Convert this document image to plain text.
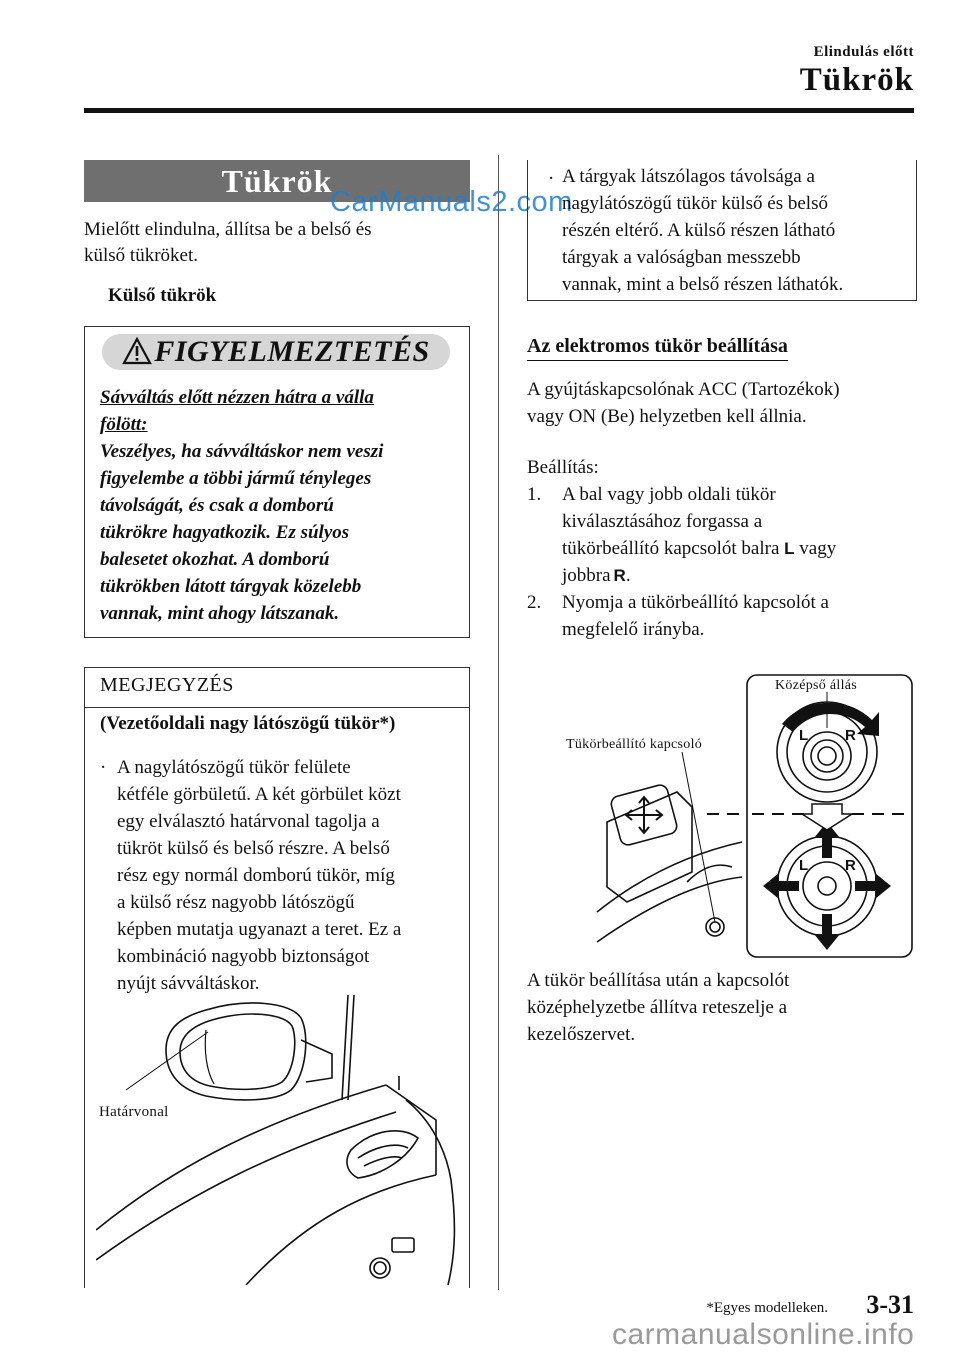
Elindulás előtt
Tükrök
Tükrök
CarManuals2.com
Mielőtt elindulna, állítsa be a belső és
külső tükröket.
Külső tükrök
FIGYELMEZTETÉS
Sávváltás előtt nézzen hátra a válla
fölött:
Veszélyes, ha sávváltáskor nem veszi
figyelembe a többi jármű tényleges
távolságát, és csak a domború
tükrökre hagyatkozik. Ez súlyos
balesetet okozhat. A domború
tükrökben látott tárgyak közelebb
vannak, mint ahogy látszanak.
MEGJEGYZÉS
(Vezetőoldali nagy látószögű tükör*)
· A nagylátószögű tükör felülete
kétféle görbületű. A két görbület közt
egy elválasztó határvonal tagolja a
tükröt külső és belső részre. A belső
rész egy normál domború tükör, míg
a külső rész nagyobb látószögű
képben mutatja ugyanazt a teret. Ez a
kombináció nagyobb biztonságot
nyújt sávváltáskor.
Határvonal
· A tárgyak látszólagos távolsága a
nagylátószögű tükör külső és belső
részén eltérő. A külső részen látható
tárgyak a valóságban messzebb
vannak, mint a belső részen láthatók.
Az elektromos tükör beállítása
A gyújtáskapcsolónak ACC (Tartozékok)
vagy ON (Be) helyzetben kell állnia.
Beállítás:
1. A bal vagy jobb oldali tükör
kiválasztásához forgassa a
tükörbeállító kapcsolót balra L vagy
jobbra R.
2. Nyomja a tükörbeállító kapcsolót a
megfelelő irányba.
L R
L R
Középső állás
Tükörbeállító kapcsoló
A tükör beállítása után a kapcsolót
középhelyzetbe állítva reteszelje a
kezelőszervet.
*Egyes modelleken. 3-31
carmanualsonline.info
